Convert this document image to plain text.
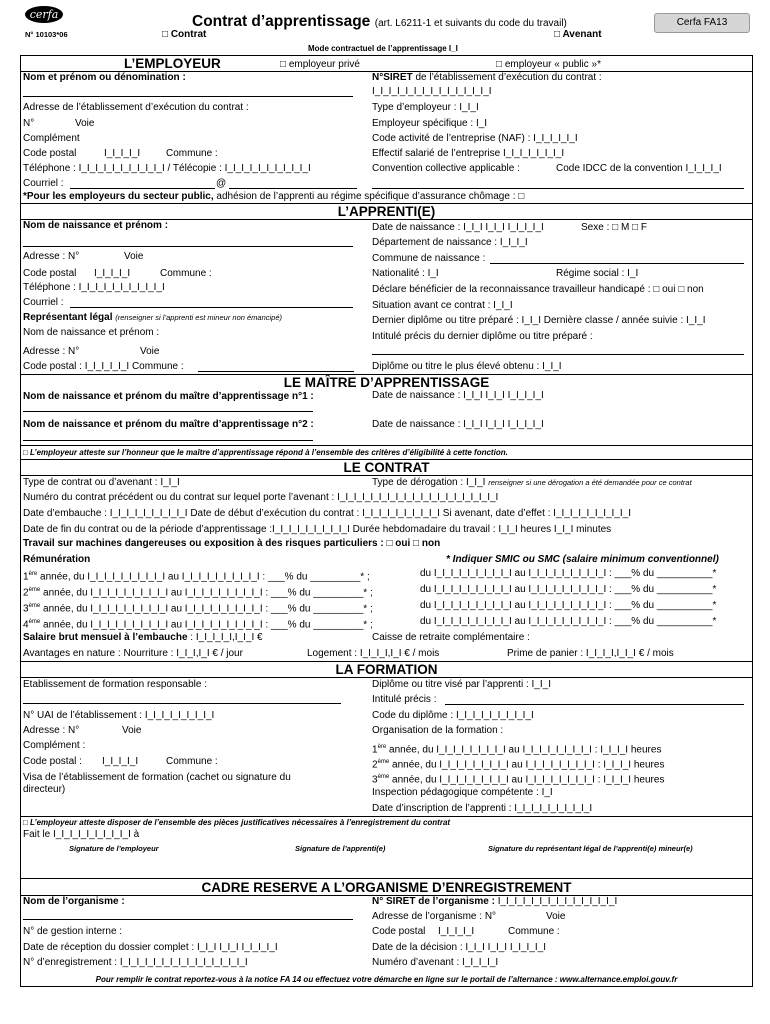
cerfa
N° 10103*06
Contrat d’apprentissage (art. L6211-1 et suivants du code du travail)	Cerfa FA13
□ Contrat	□ Avenant
Mode contractuel de l’apprentissage I_I
L’EMPLOYEUR	□ employeur privé	□ employeur « public »*
Nom et prénom ou dénomination :	N°SIRET de l’établissement d’exécution du contrat :
I_I_I_I_I_I_I_I_I_I_I_I_I_I_I
Adresse de l’établissement d’exécution du contrat :	Type d’employeur : I_I_I
N°	Voie	Employeur spécifique : I_I
Complément	Code activité de l’entreprise (NAF) : I_I_I_I_I_I
Code postal	I_I_I_I_I	Commune :	Effectif salarié de l’entreprise I_I_I_I_I_I_I_I
Téléphone : I_I_I_I_I_I_I_I_I_I_I / Télécopie : I_I_I_I_I_I_I_I_I_I_I	Convention collective applicable :	Code IDCC de la convention I_I_I_I_I
Courriel :	@
*Pour les employeurs du secteur public, adhésion de l’apprenti au régime spécifique d’assurance chômage : □
L’APPRENTI(E)
Nom de naissance et prénom :	Date de naissance : I_I_I I_I_I I_I_I_I_I	Sexe : □ M □ F
Département de naissance : I_I_I_I
Adresse : N°	Voie	Commune de naissance :
Code postal I_I_I_I_I	Commune :	Nationalité : I_I	Régime social : I_I
Téléphone : I_I_I_I_I_I_I_I_I_I_I	Déclare bénéficier de la reconnaissance travailleur handicapé : □ oui □ non
Courriel :	Situation avant ce contrat : I_I_I
Représentant légal (renseigner si l’apprenti est mineur non émancipé)	Dernier diplôme ou titre préparé : I_I_I Dernière classe / année suivie : I_I_I
Nom de naissance et prénom :	Intitulé précis du dernier diplôme ou titre préparé :
Adresse : N°	Voie
Code postal : I_I_I_I_I_I Commune :	Diplôme ou titre le plus élevé obtenu : I_I_I
LE MAÎTRE D’APPRENTISSAGE
Nom de naissance et prénom du maître d’apprentissage n°1 :	Date de naissance : I_I_I I_I_I I_I_I_I_I
Nom de naissance et prénom du maître d’apprentissage n°2 :	Date de naissance : I_I_I I_I_I I_I_I_I_I
□ L’employeur atteste sur l’honneur que le maître d’apprentissage répond à l’ensemble des critères d’éligibilité à cette fonction.
LE CONTRAT
Type de contrat ou d’avenant : I_I_I	Type de dérogation : I_I_I renseigner si une dérogation a été demandée pour ce contrat
Numéro du contrat précédent ou du contrat sur lequel porte l’avenant : I_I_I_I_I_I_I_I_I_I_I_I_I_I_I_I_I_I_I_I
Date d’embauche : I_I_I_I_I_I_I_I_I_I Date de début d’exécution du contrat : I_I_I_I_I_I_I_I_I_I Si avenant, date d’effet : I_I_I_I_I_I_I_I_I_I
Date de fin du contrat ou de la période d’apprentissage :I_I_I_I_I_I_I_I_I_I Durée hebdomadaire du travail : I_I_I heures I_I_I minutes
Travail sur machines dangereuses ou exposition à des risques particuliers : □ oui □ non
Rémunération	* Indiquer SMIC ou SMC (salaire minimum conventionnel)
1ère année, du I_I_I_I_I_I_I_I_I_I au I_I_I_I_I_I_I_I_I_I : ___% du _________* ;	du I_I_I_I_I_I_I_I_I_I au I_I_I_I_I_I_I_I_I_I : ___% du __________*
2ème année, du I_I_I_I_I_I_I_I_I_I au I_I_I_I_I_I_I_I_I_I : ___% du _________* ;	du I_I_I_I_I_I_I_I_I_I au I_I_I_I_I_I_I_I_I_I : ___% du __________*
3ème année, du I_I_I_I_I_I_I_I_I_I au I_I_I_I_I_I_I_I_I_I : ___% du _________* ;	du I_I_I_I_I_I_I_I_I_I au I_I_I_I_I_I_I_I_I_I : ___% du __________*
4ème année, du I_I_I_I_I_I_I_I_I_I au I_I_I_I_I_I_I_I_I_I : ___% du _________* ;	du I_I_I_I_I_I_I_I_I_I au I_I_I_I_I_I_I_I_I_I : ___% du __________*
Salaire brut mensuel à l’embauche : I_I_I_I_I,I_I_I €	Caisse de retraite complémentaire :
Avantages en nature : Nourriture : I_I_I,I_I € / jour	Logement : I_I_I_I,I_I € / mois	Prime de panier : I_I_I_I,I_I_I € / mois
LA FORMATION
Etablissement de formation responsable :	Diplôme ou titre visé par l’apprenti : I_I_I
Intitulé précis :
N° UAI de l’établissement : I_I_I_I_I_I_I_I_I	Code du diplôme : I_I_I_I_I_I_I_I_I_I
Adresse : N°	Voie	Organisation de la formation :
Complément :	1ère année, du I_I_I_I_I_I_I_I_I au I_I_I_I_I_I_I_I_I : I_I_I_I heures
2ème année, du I_I_I_I_I_I_I_I_I au I_I_I_I_I_I_I_I_I : I_I_I_I heures
3ème année, du I_I_I_I_I_I_I_I_I au I_I_I_I_I_I_I_I_I : I_I_I_I heures
Code postal : I_I_I_I_I	Commune :
Visa de l’établissement de formation (cachet ou signature du
directeur)	Inspection pédagogique compétente : I_I
Date d’inscription de l’apprenti : I_I_I_I_I_I_I_I_I_I
□ L’employeur atteste disposer de l’ensemble des pièces justificatives nécessaires à l’enregistrement du contrat
Fait le I_I_I_I_I_I_I_I_I_I à
Signature de l’employeur	Signature de l’apprenti(e)	Signature du représentant légal de l’apprenti(e) mineur(e)
CADRE RESERVE A L’ORGANISME D’ENREGISTREMENT
Nom de l’organisme :	N° SIRET de l’organisme : I_I_I_I_I_I_I_I_I_I_I_I_I_I_I
Adresse de l’organisme : N°	Voie
N° de gestion interne :	Code postal I_I_I_I_I	Commune :
Date de réception du dossier complet : I_I_I I_I_I I_I_I_I_I	Date de la décision : I_I_I I_I_I I_I_I_I_I
N° d’enregistrement : I_I_I_I_I_I_I_I_I_I_I_I_I_I_I_I	Numéro d’avenant : I_I_I_I_I
Pour remplir le contrat reportez-vous à la notice FA 14 ou effectuez votre démarche en ligne sur le portail de l’alternance : www.alternance.emploi.gouv.fr
